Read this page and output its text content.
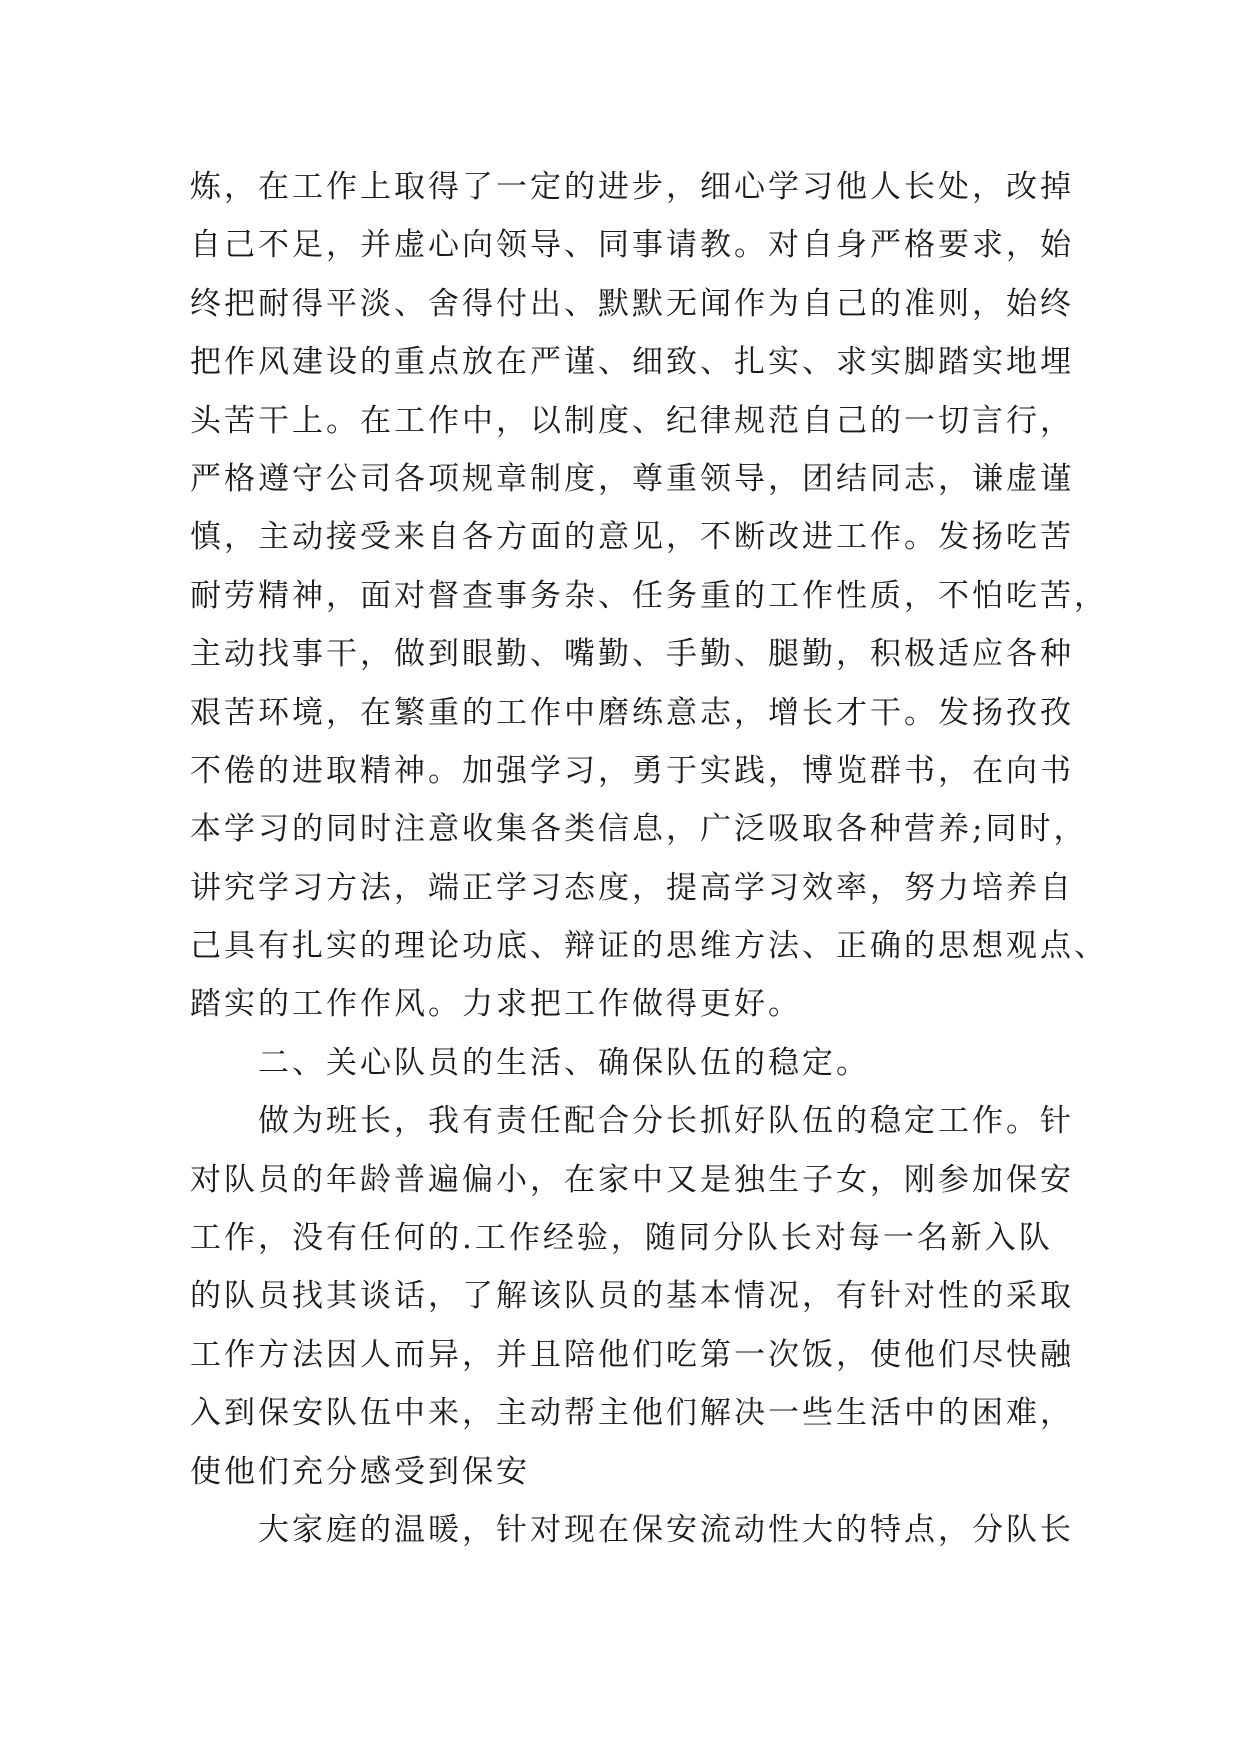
炼，在工作上取得了一定的进步，细心学习他人长处，改掉
自己不足，并虚心向领导、同事请教。对自身严格要求，始
终把耐得平淡、舍得付出、默默无闻作为自己的准则，始终
把作风建设的重点放在严谨、细致、扎实、求实脚踏实地埋
头苦干上。在工作中，以制度、纪律规范自己的一切言行，
严格遵守公司各项规章制度，尊重领导，团结同志，谦虚谨
慎，主动接受来自各方面的意见，不断改进工作。发扬吃苦
耐劳精神，面对督查事务杂、任务重的工作性质，不怕吃苦，
主动找事干，做到眼勤、嘴勤、手勤、腿勤，积极适应各种
艰苦环境，在繁重的工作中磨练意志，增长才干。发扬孜孜
不倦的进取精神。加强学习，勇于实践，博览群书，在向书
本学习的同时注意收集各类信息，广泛吸取各种营养;同时，
讲究学习方法，端正学习态度，提高学习效率，努力培养自
己具有扎实的理论功底、辩证的思维方法、正确的思想观点、
踏实的工作作风。力求把工作做得更好。
二、关心队员的生活、确保队伍的稳定。
做为班长，我有责任配合分长抓好队伍的稳定工作。针
对队员的年龄普遍偏小，在家中又是独生子女，刚参加保安
工作，没有任何的.工作经验，随同分队长对每一名新入队
的队员找其谈话，了解该队员的基本情况，有针对性的采取
工作方法因人而异，并且陪他们吃第一次饭，使他们尽快融
入到保安队伍中来，主动帮主他们解决一些生活中的困难，
使他们充分感受到保安
大家庭的温暖，针对现在保安流动性大的特点，分队长
